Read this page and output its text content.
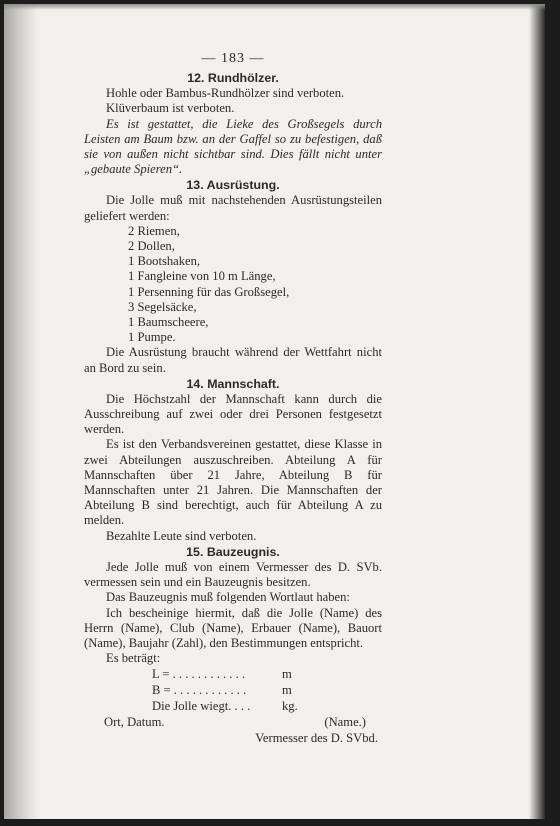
— 183 —
12. Rundhölzer.

Hohle oder Bambus-Rundhölzer sind verboten.

Klüverbaum ist verboten.

Es ist gestattet, die Lieke des Großsegels durch Leisten am Baum bzw. an der Gaffel so zu befestigen, daß sie von außen nicht sichtbar sind. Dies fällt nicht unter „gebaute Spieren“.

13. Ausrüstung.

Die Jolle muß mit nachstehenden Ausrüstungsteilen geliefert werden:

2 Riemen,
2 Dollen,
1 Bootshaken,
1 Fangleine von 10 m Länge,
1 Persenning für das Großsegel,
3 Segelsäcke,
1 Baumscheere,
1 Pumpe.

Die Ausrüstung braucht während der Wettfahrt nicht an Bord zu sein.

14. Mannschaft.

Die Höchstzahl der Mannschaft kann durch die Ausschreibung auf zwei oder drei Personen festgesetzt werden.

Es ist den Verbandsvereinen gestattet, diese Klasse in zwei Abteilungen auszuschreiben. Abteilung A für Mannschaften über 21 Jahre, Abteilung B für Mannschaften unter 21 Jahren. Die Mannschaften der Abteilung B sind berechtigt, auch für Abteilung A zu melden.

Bezahlte Leute sind verboten.

15. Bauzeugnis.

Jede Jolle muß von einem Vermesser des D. SVb. vermessen sein und ein Bauzeugnis besitzen.

Das Bauzeugnis muß folgenden Wortlaut haben:

Ich bescheinige hiermit, daß die Jolle (Name) des Herrn (Name), Club (Name), Erbauer (Name), Bauort (Name), Baujahr (Zahl), den Bestimmungen entspricht.

Es beträgt:

L = . . . . . . . . . . . .	m
B = . . . . . . . . . . . .	m
Die Jolle wiegt. . . .	kg.
Ort, Datum.	(Name.)
Vermesser des D. SVbd.
